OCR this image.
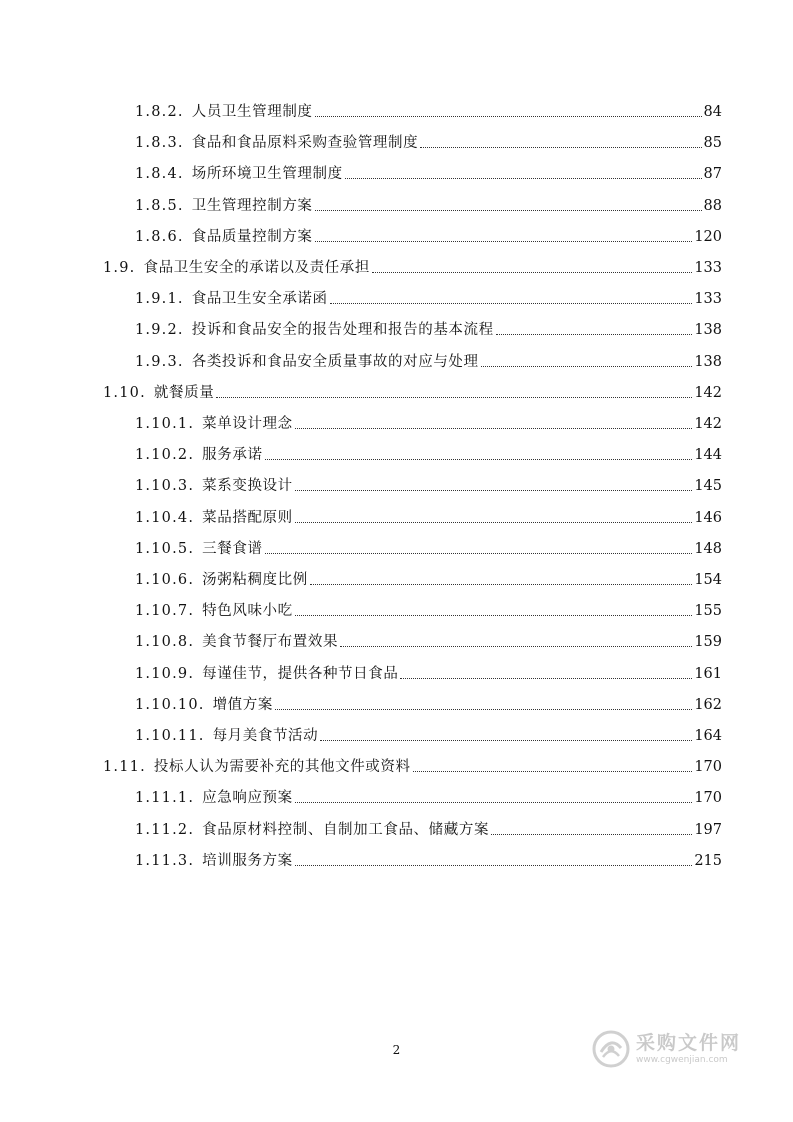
1.8.2. 人员卫生管理制度	84
1.8.3. 食品和食品原料采购查验管理制度	85
1.8.4. 场所环境卫生管理制度	87
1.8.5. 卫生管理控制方案	88
1.8.6. 食品质量控制方案	120
1.9. 食品卫生安全的承诺以及责任承担	133
1.9.1. 食品卫生安全承诺函	133
1.9.2. 投诉和食品安全的报告处理和报告的基本流程	138
1.9.3. 各类投诉和食品安全质量事故的对应与处理	138
1.10. 就餐质量	142
1.10.1. 菜单设计理念	142
1.10.2. 服务承诺	144
1.10.3. 菜系变换设计	145
1.10.4. 菜品搭配原则	146
1.10.5. 三餐食谱	148
1.10.6. 汤粥粘稠度比例	154
1.10.7. 特色风味小吃	155
1.10.8. 美食节餐厅布置效果	159
1.10.9. 每谨佳节，提供各种节日食品	161
1.10.10. 增值方案	162
1.10.11. 每月美食节活动	164
1.11. 投标人认为需要补充的其他文件或资料	170
1.11.1. 应急响应预案	170
1.11.2. 食品原材料控制、自制加工食品、储藏方案	197
1.11.3. 培训服务方案	215
2	采购文件网
www.cgwenjian.com
